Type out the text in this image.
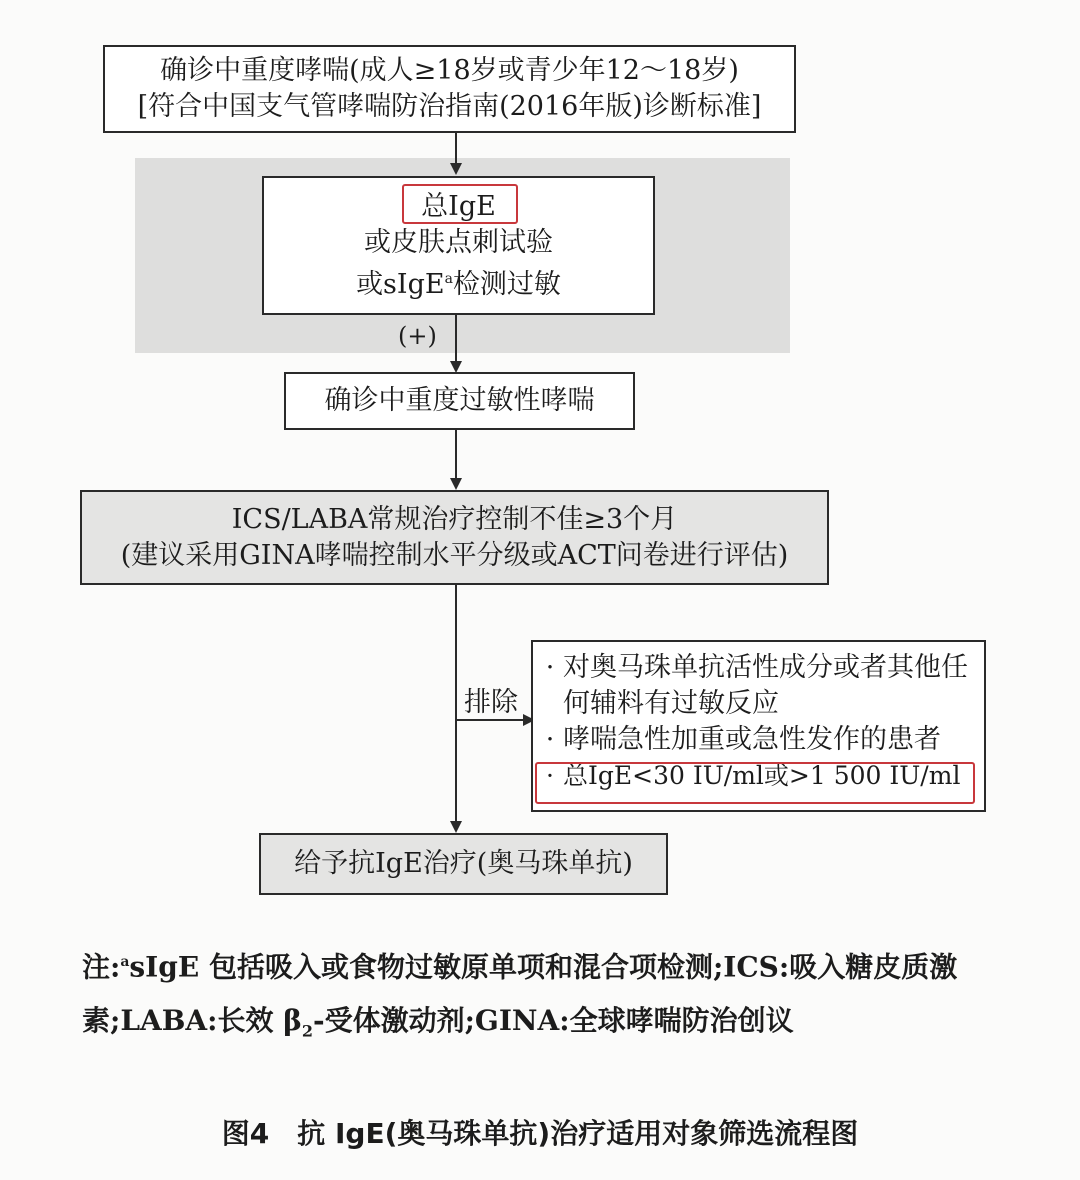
确诊中重度哮喘(成人≥18岁或青少年12～18岁)
[符合中国支气管哮喘防治指南(2016年版)诊断标准]
总IgE
或皮肤点刺试验
或sIgE$^a$检测过敏
(+)
确诊中重度过敏性哮喘
ICS/LABA常规治疗控制不佳≥3个月
(建议采用GINA哮喘控制水平分级或ACT问卷进行评估)
排除
· 对奥马珠单抗活性成分或者其他任何辅料有过敏反应
· 哮喘急性加重或急性发作的患者
· 总IgE<30 IU/ml或>1 500 IU/ml
给予抗IgE治疗(奥马珠单抗)
注:$^a$sIgE 包括吸入或食物过敏原单项和混合项检测;ICS:吸入糖皮质激素;LABA:长效 $\beta_2-$受体激动剂;GINA:全球哮喘防治创议
图4　抗 IgE(奥马珠单抗)治疗适用对象筛选流程图
